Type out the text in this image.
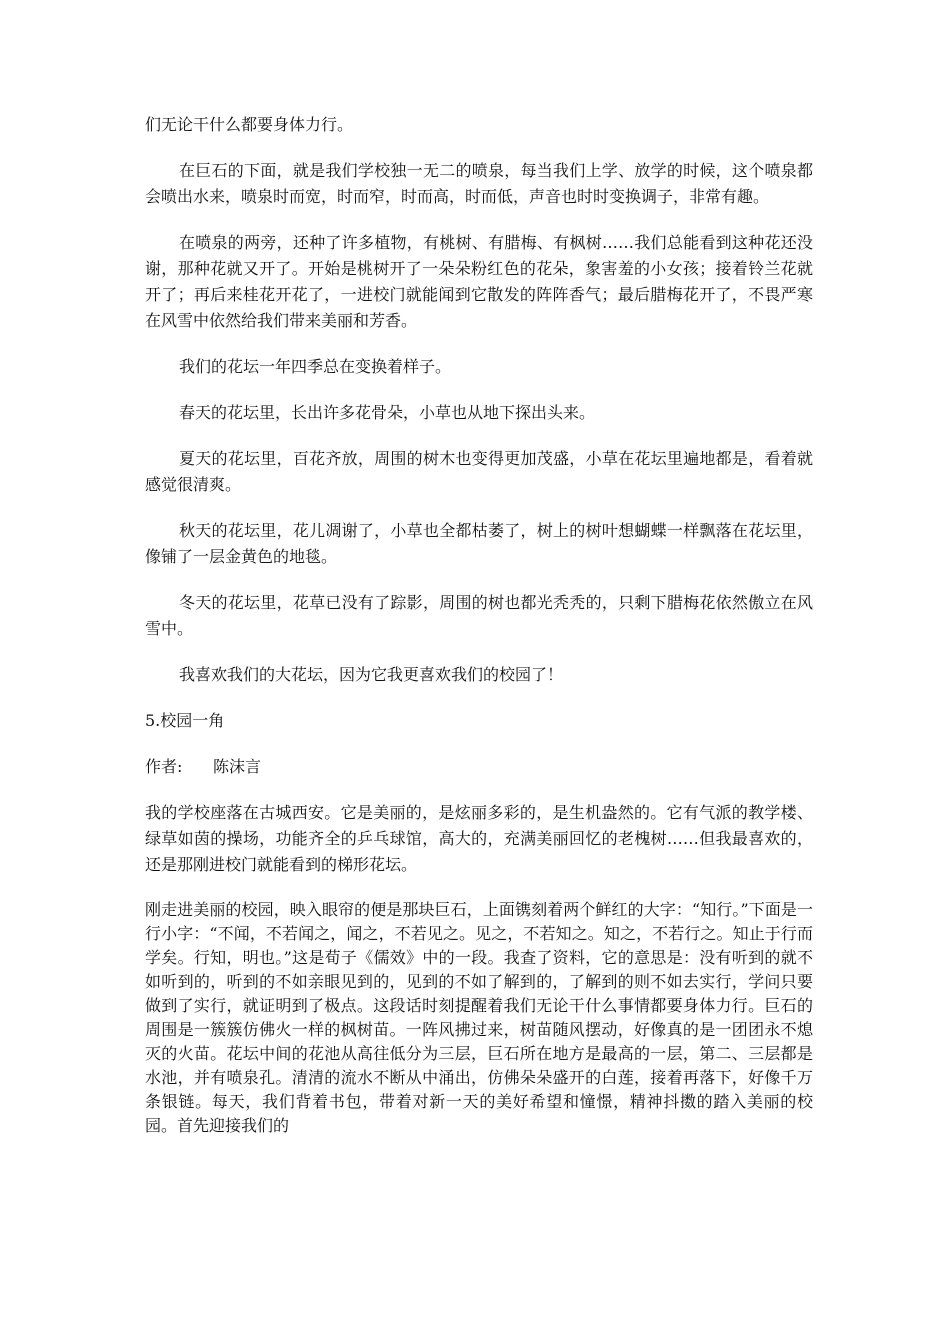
们无论干什么都要身体力行。

在巨石的下面，就是我们学校独一无二的喷泉，每当我们上学、放学的时候，这个喷泉都会喷出水来，喷泉时而宽，时而窄，时而高，时而低，声音也时时变换调子，非常有趣。

在喷泉的两旁，还种了许多植物，有桃树、有腊梅、有枫树……我们总能看到这种花还没谢，那种花就又开了。开始是桃树开了一朵朵粉红色的花朵，象害羞的小女孩；接着铃兰花就开了；再后来桂花开花了，一进校门就能闻到它散发的阵阵香气；最后腊梅花开了，不畏严寒在风雪中依然给我们带来美丽和芳香。

我们的花坛一年四季总在变换着样子。

春天的花坛里，长出许多花骨朵，小草也从地下探出头来。

夏天的花坛里，百花齐放，周围的树木也变得更加茂盛，小草在花坛里遍地都是，看着就感觉很清爽。

秋天的花坛里，花儿凋谢了，小草也全都枯萎了，树上的树叶想蝴蝶一样飘落在花坛里，像铺了一层金黄色的地毯。

冬天的花坛里，花草已没有了踪影，周围的树也都光秃秃的，只剩下腊梅花依然傲立在风雪中。

我喜欢我们的大花坛，因为它我更喜欢我们的校园了！

5.校园一角

作者: 陈沫言

我的学校座落在古城西安。它是美丽的，是炫丽多彩的，是生机盎然的。它有气派的教学楼、绿草如茵的操场，功能齐全的乒乓球馆，高大的，充满美丽回忆的老槐树……但我最喜欢的，还是那刚进校门就能看到的梯形花坛。

刚走进美丽的校园，映入眼帘的便是那块巨石，上面镌刻着两个鲜红的大字：“知行。”下面是一行小字：“不闻，不若闻之，闻之，不若见之。见之，不若知之。知之，不若行之。知止于行而学矣。行知，明也。”这是荀子《儒效》中的一段。我查了资料，它的意思是：没有听到的就不如听到的，听到的不如亲眼见到的，见到的不如了解到的，了解到的则不如去实行，学问只要做到了实行，就证明到了极点。这段话时刻提醒着我们无论干什么事情都要身体力行。巨石的周围是一簇簇仿佛火一样的枫树苗。一阵风拂过来，树苗随风摆动，好像真的是一团团永不熄灭的火苗。花坛中间的花池从高往低分为三层，巨石所在地方是最高的一层，第二、三层都是水池，并有喷泉孔。清清的流水不断从中涌出，仿佛朵朵盛开的白莲，接着再落下，好像千万条银链。每天，我们背着书包，带着对新一天的美好希望和憧憬，精神抖擞的踏入美丽的校园。首先迎接我们的
